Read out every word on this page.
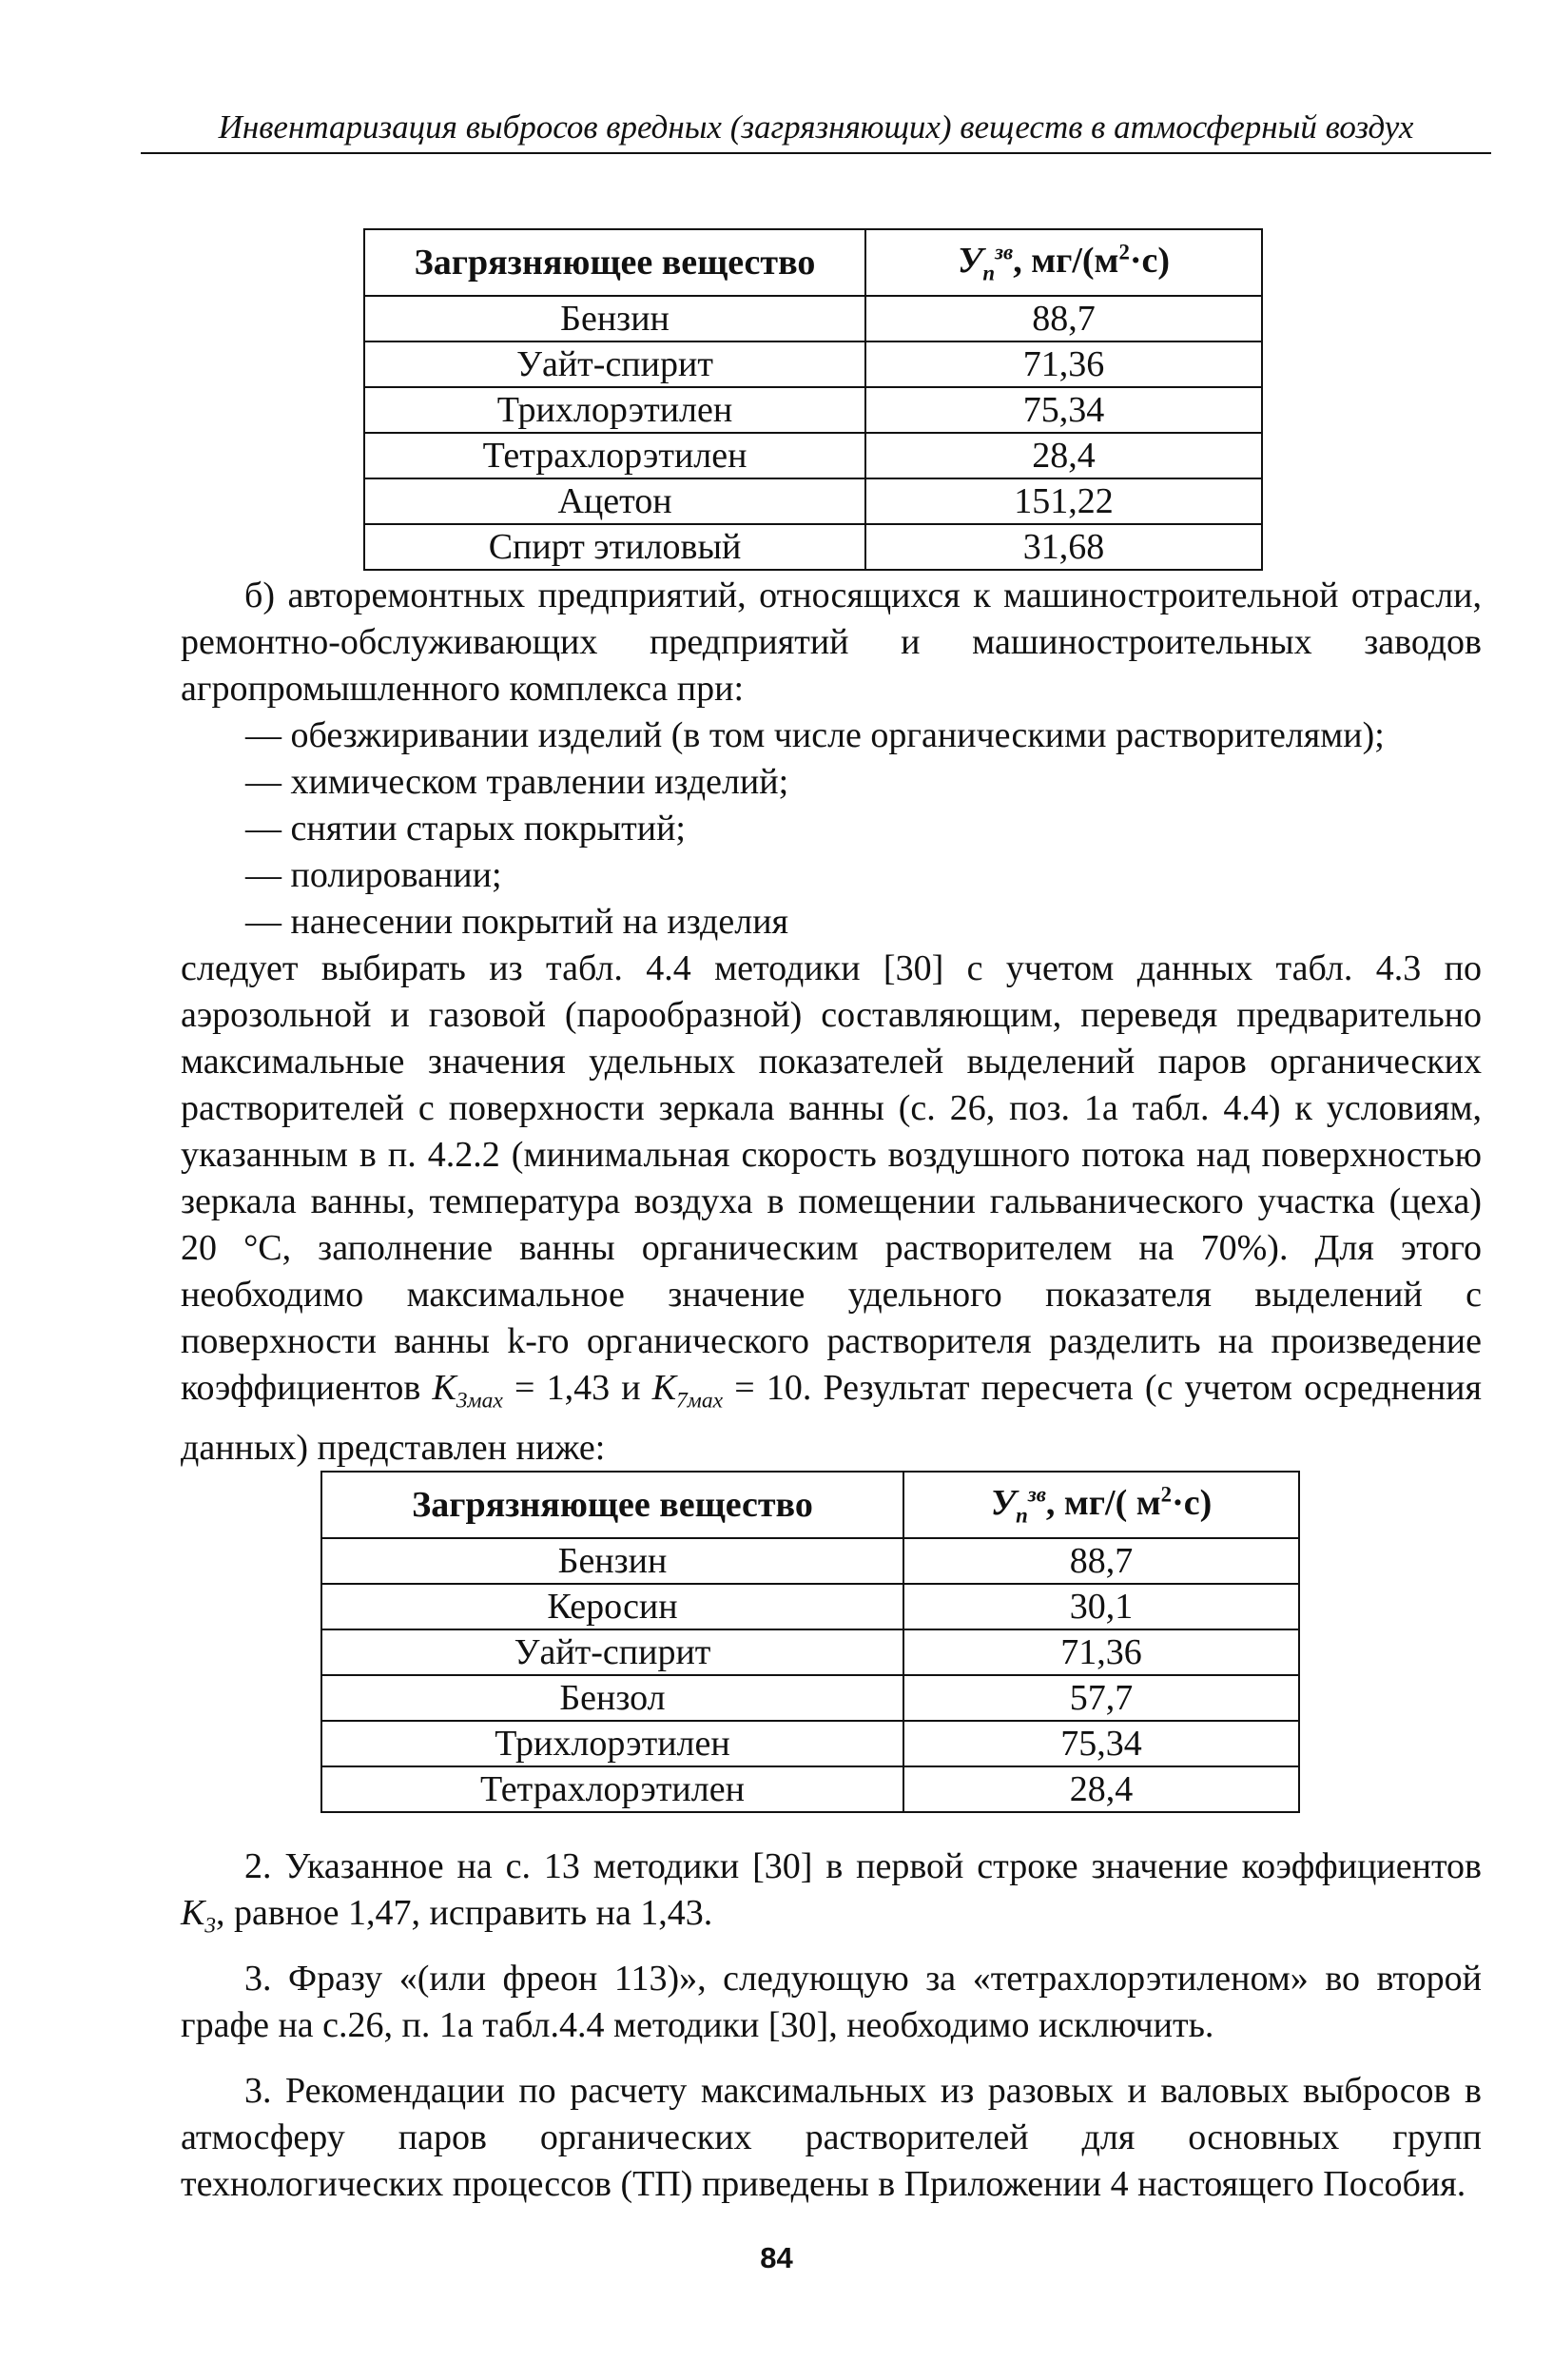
Инвентаризация выбросов вредных (загрязняющих) веществ в атмосферный воздух
Загрязняющее вещество	$У_п^{зв}$, $мг/(м^2\cdot с)$
Бензин	88,7
Уайт-спирит	71,36
Трихлорэтилен	75,34
Тетрахлорэтилен	28,4
Ацетон	151,22
Спирт этиловый	31,68

б) авторемонтных предприятий, относящихся к машиностроительной отрасли, ремонтно-обслуживающих предприятий и машиностроительных заводов агропромышленного комплекса при:

— обезжиривании изделий (в том числе органическими растворителями);

— химическом травлении изделий;

— снятии старых покрытий;

— полировании;

— нанесении покрытий на изделия

следует выбирать из табл. 4.4 методики [30] с учетом данных табл. 4.3 по аэрозольной и газовой (парообразной) составляющим, переведя предварительно максимальные значения удельных показателей выделений паров органических растворителей с поверхности зеркала ванны (с. 26, поз. 1а табл. 4.4) к условиям, указанным в п. 4.2.2 (минимальная скорость воздушного потока над поверхностью зеркала ванны, температура воздуха в помещении гальванического участка (цеха) 20 °С, заполнение ванны органическим растворителем на 70%). Для этого необходимо максимальное значение удельного показателя выделений с поверхности ванны k-го органического растворителя разделить на произведение коэффициентов $К_{3мах} = 1,43$ и $К_{7мах} = 10$. Результат пересчета (с учетом осреднения данных) представлен ниже:

Загрязняющее вещество	$У_п^{зв}$, мг/( $м^2\cdot с$)
Бензин	88,7
Керосин	30,1
Уайт-спирит	71,36
Бензол	57,7
Трихлорэтилен	75,34
Тетрахлорэтилен	28,4

2. Указанное на с. 13 методики [30] в первой строке значение коэффициентов $К_3$, равное 1,47, исправить на 1,43.

3. Фразу «(или фреон 113)», следующую за «тетрахлорэтиленом» во второй графе на с.26, п. 1а табл.4.4 методики [30], необходимо исключить.

3. Рекомендации по расчету максимальных из разовых и валовых выбросов в атмосферу паров органических растворителей для основных групп технологических процессов (ТП) приведены в Приложении 4 настоящего Пособия.

84
